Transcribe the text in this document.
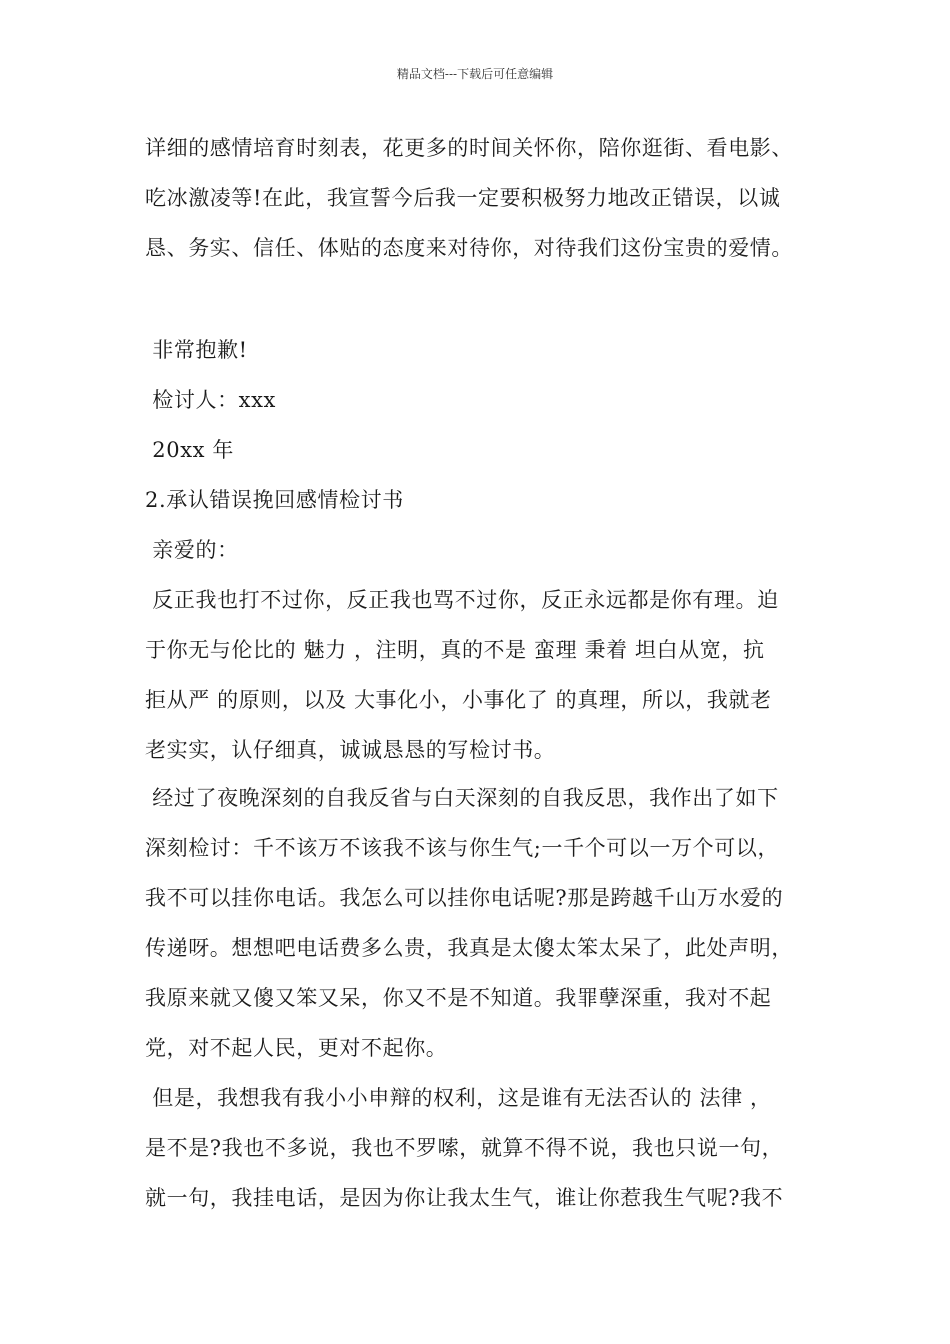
精品文档---下载后可任意编辑
详细的感情培育时刻表，花更多的时间关怀你，陪你逛街、看电影、
吃冰激凌等!在此，我宣誓今后我一定要积极努力地改正错误，以诚
恳、务实、信任、体贴的态度来对待你，对待我们这份宝贵的爱情。
非常抱歉!
检讨人：xxx
20xx 年
2.承认错误挽回感情检讨书
亲爱的：
反正我也打不过你，反正我也骂不过你，反正永远都是你有理。迫
于你无与伦比的 魅力 ，注明，真的不是 蛮理 秉着 坦白从宽，抗
拒从严 的原则，以及 大事化小，小事化了 的真理，所以，我就老
老实实，认仔细真，诚诚恳恳的写检讨书。
经过了夜晚深刻的自我反省与白天深刻的自我反思，我作出了如下
深刻检讨：千不该万不该我不该与你生气;一千个可以一万个可以，
我不可以挂你电话。我怎么可以挂你电话呢?那是跨越千山万水爱的
传递呀。想想吧电话费多么贵，我真是太傻太笨太呆了，此处声明，
我原来就又傻又笨又呆，你又不是不知道。我罪孽深重，我对不起
党，对不起人民，更对不起你。
但是，我想我有我小小申辩的权利，这是谁有无法否认的 法律 ，
是不是?我也不多说，我也不罗嗦，就算不得不说，我也只说一句，
就一句，我挂电话，是因为你让我太生气，谁让你惹我生气呢?我不
